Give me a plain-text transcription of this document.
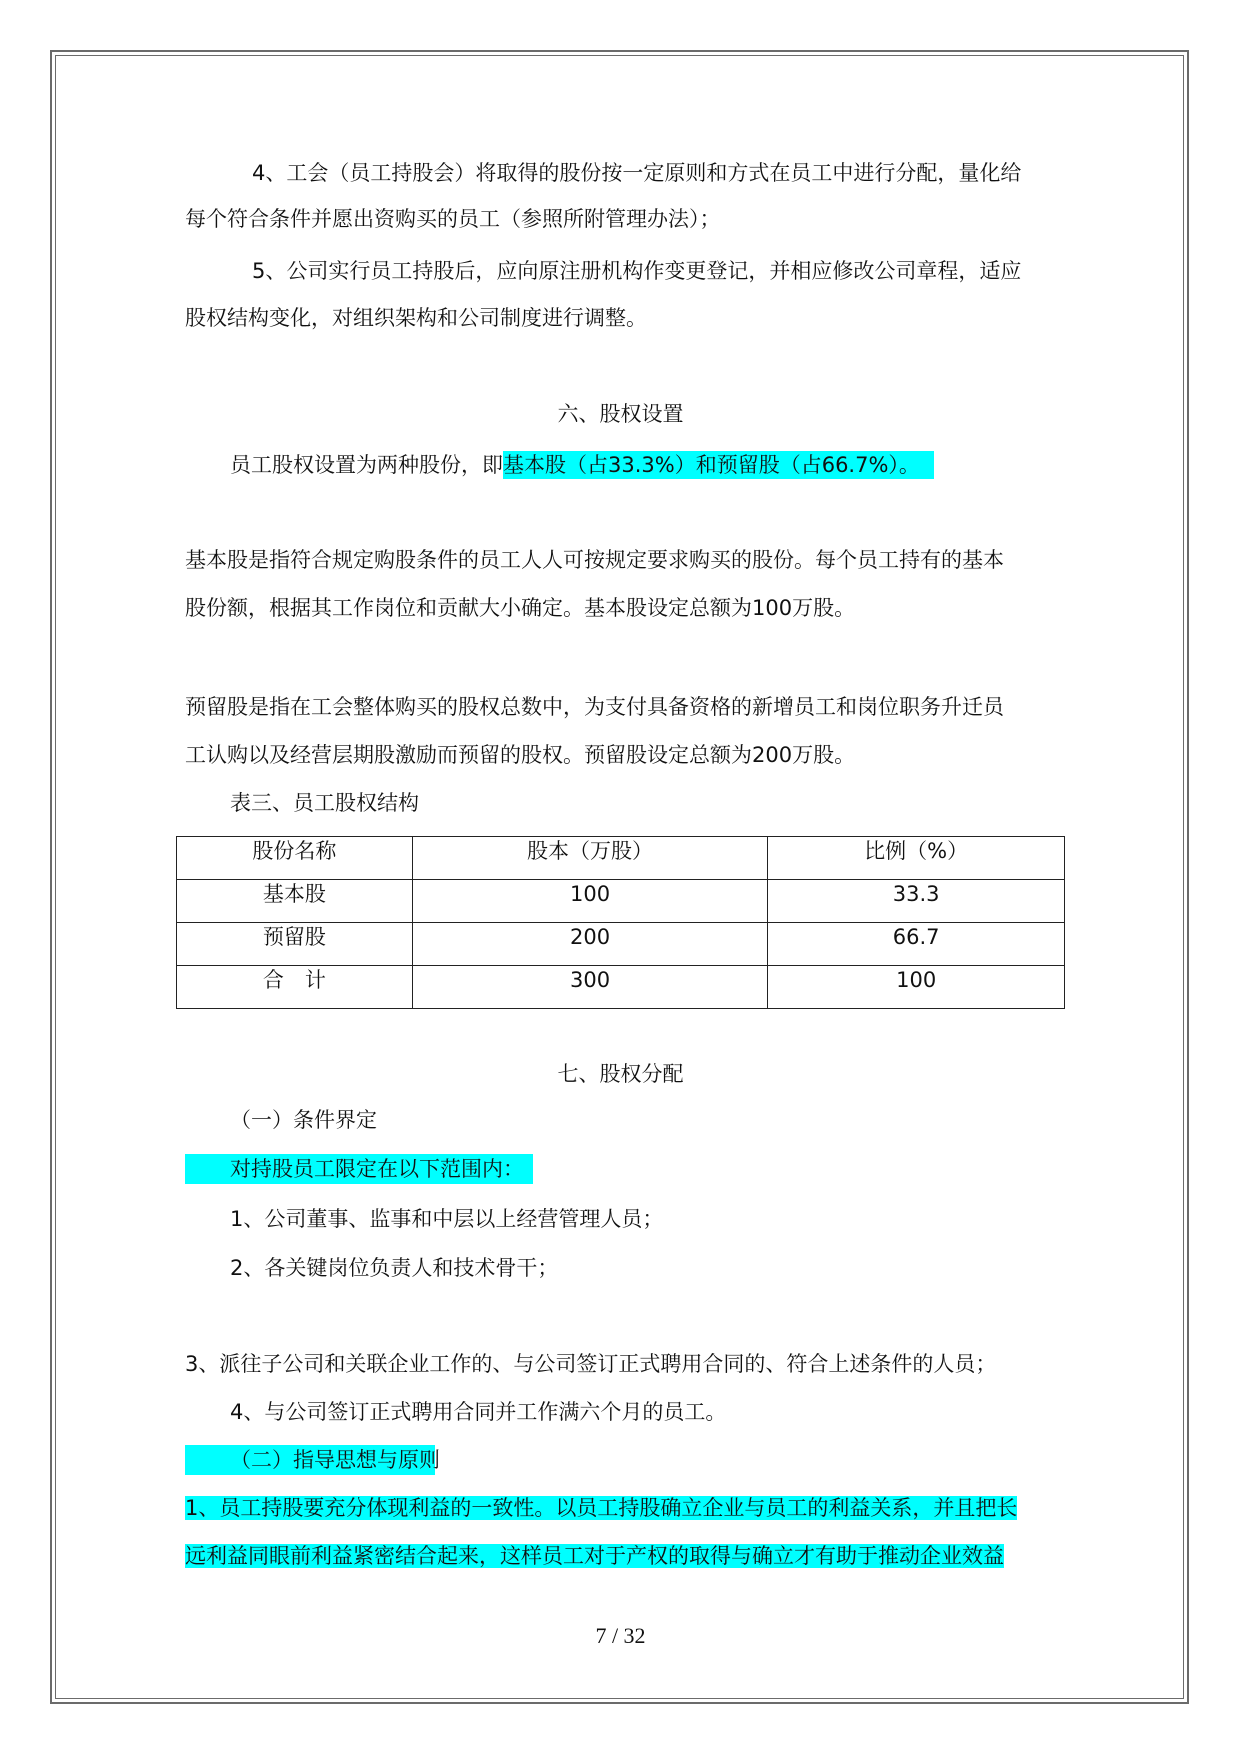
4、工会（员工持股会）将取得的股份按一定原则和方式在员工中进行分配，量化给
每个符合条件并愿出资购买的员工（参照所附管理办法）；
5、公司实行员工持股后，应向原注册机构作变更登记，并相应修改公司章程，适应
股权结构变化，对组织架构和公司制度进行调整。
六、股权设置
员工股权设置为两种股份，即基本股（占33.3%）和预留股（占66.7%）。
基本股是指符合规定购股条件的员工人人可按规定要求购买的股份。每个员工持有的基本
股份额，根据其工作岗位和贡献大小确定。基本股设定总额为100万股。
预留股是指在工会整体购买的股权总数中，为支付具备资格的新增员工和岗位职务升迁员
工认购以及经营层期股激励而预留的股权。预留股设定总额为200万股。
表三、员工股权结构
股份名称	股本（万股）	比例（%）
基本股	100	33.3
预留股	200	66.7
合　计	300	100
七、股权分配
（一）条件界定
对持股员工限定在以下范围内：
1、公司董事、监事和中层以上经营管理人员；
2、各关键岗位负责人和技术骨干；
3、派往子公司和关联企业工作的、与公司签订正式聘用合同的、符合上述条件的人员；
4、与公司签订正式聘用合同并工作满六个月的员工。
（二）指导思想与原则
1、员工持股要充分体现利益的一致性。以员工持股确立企业与员工的利益关系，并且把长
远利益同眼前利益紧密结合起来，这样员工对于产权的取得与确立才有助于推动企业效益
7 / 32
